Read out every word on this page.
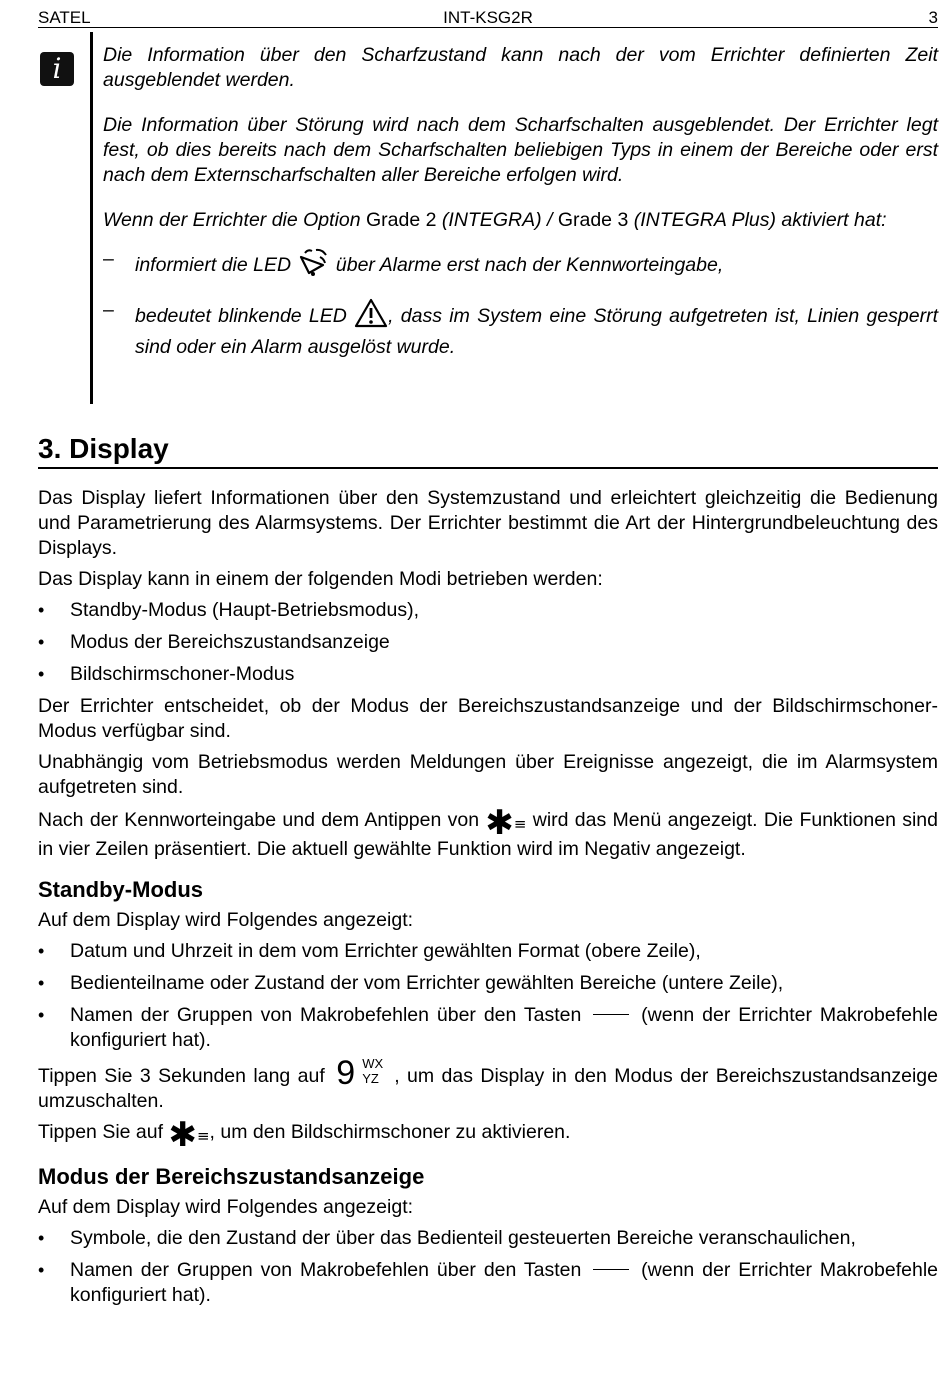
SATEL	INT-KSG2R	3
i	Die Information über den Scharfzustand kann nach der vom Errichter definierten Zeit ausgeblendet werden.

Die Information über Störung wird nach dem Scharfschalten ausgeblendet. Der Errichter legt fest, ob dies bereits nach dem Scharfschalten beliebigen Typs in einem der Bereiche oder erst nach dem Externscharfschalten aller Bereiche erfolgen wird.

Wenn der Errichter die Option Grade 2 (INTEGRA) / Grade 3 (INTEGRA Plus) aktiviert hat:

– informiert die LED  über Alarme erst nach der Kennworteingabe,
– bedeutet blinkende LED , dass im System eine Störung aufgetreten ist, Linien gesperrt sind oder ein Alarm ausgelöst wurde.
3. Display

Das Display liefert Informationen über den Systemzustand und erleichtert gleichzeitig die Bedienung und Parametrierung des Alarmsystems. Der Errichter bestimmt die Art der Hintergrundbeleuchtung des Displays.

Das Display kann in einem der folgenden Modi betrieben werden:

• Standby-Modus (Haupt-Betriebsmodus),
• Modus der Bereichszustandsanzeige
• Bildschirmschoner-Modus

Der Errichter entscheidet, ob der Modus der Bereichszustandsanzeige und der Bildschirmschoner-Modus verfügbar sind.

Unabhängig vom Betriebsmodus werden Meldungen über Ereignisse angezeigt, die im Alarmsystem aufgetreten sind.

Nach der Kennworteingabe und dem Antippen von ✱≡ wird das Menü angezeigt. Die Funktionen sind in vier Zeilen präsentiert. Die aktuell gewählte Funktion wird im Negativ angezeigt.

Standby-Modus

Auf dem Display wird Folgendes angezeigt:

• Datum und Uhrzeit in dem vom Errichter gewählten Format (obere Zeile),
• Bedienteilname oder Zustand der vom Errichter gewählten Bereiche (untere Zeile),
• Namen der Gruppen von Makrobefehlen über den Tasten  (wenn der Errichter Makrobefehle konfiguriert hat).

Tippen Sie 3 Sekunden lang auf 9 WX
YZ , um das Display in den Modus der Bereichszustandsanzeige umzuschalten.

Tippen Sie auf ✱≡, um den Bildschirmschoner zu aktivieren.

Modus der Bereichszustandsanzeige

Auf dem Display wird Folgendes angezeigt:

• Symbole, die den Zustand der über das Bedienteil gesteuerten Bereiche veranschaulichen,
• Namen der Gruppen von Makrobefehlen über den Tasten  (wenn der Errichter Makrobefehle konfiguriert hat).
